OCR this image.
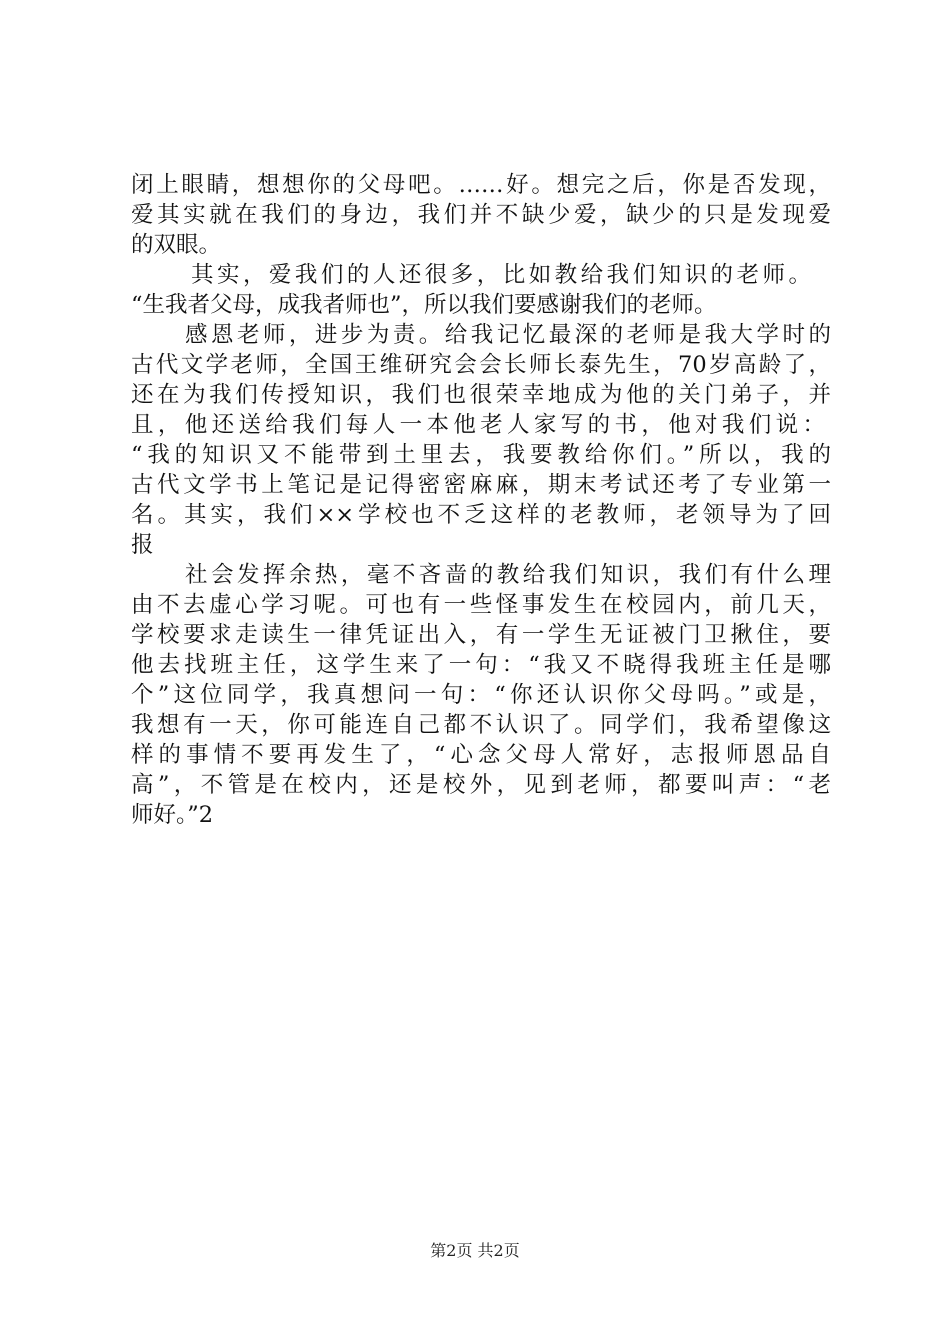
闭上眼睛，想想你的父母吧。……好。想完之后，你是否发现，
爱其实就在我们的身边，我们并不缺少爱，缺少的只是发现爱
的双眼。
其实，爱我们的人还很多，比如教给我们知识的老师。
“生我者父母，成我者师也”，所以我们要感谢我们的老师。
感恩老师，进步为责。给我记忆最深的老师是我大学时的
古代文学老师，全国王维研究会会长师长泰先生，70岁高龄了，
还在为我们传授知识，我们也很荣幸地成为他的关门弟子，并
且，他还送给我们每人一本他老人家写的书，他对我们说：
“我的知识又不能带到土里去，我要教给你们。”所以，我的
古代文学书上笔记是记得密密麻麻，期末考试还考了专业第一
名。其实，我们××学校也不乏这样的老教师，老领导为了回
报
社会发挥余热，毫不吝啬的教给我们知识，我们有什么理
由不去虚心学习呢。可也有一些怪事发生在校园内，前几天，
学校要求走读生一律凭证出入，有一学生无证被门卫揪住，要
他去找班主任，这学生来了一句：“我又不晓得我班主任是哪
个”这位同学，我真想问一句：“你还认识你父母吗。”或是，
我想有一天，你可能连自己都不认识了。同学们，我希望像这
样的事情不要再发生了，“心念父母人常好，志报师恩品自
高”，不管是在校内，还是校外，见到老师，都要叫声：“老
师好。”2
第2页 共2页
